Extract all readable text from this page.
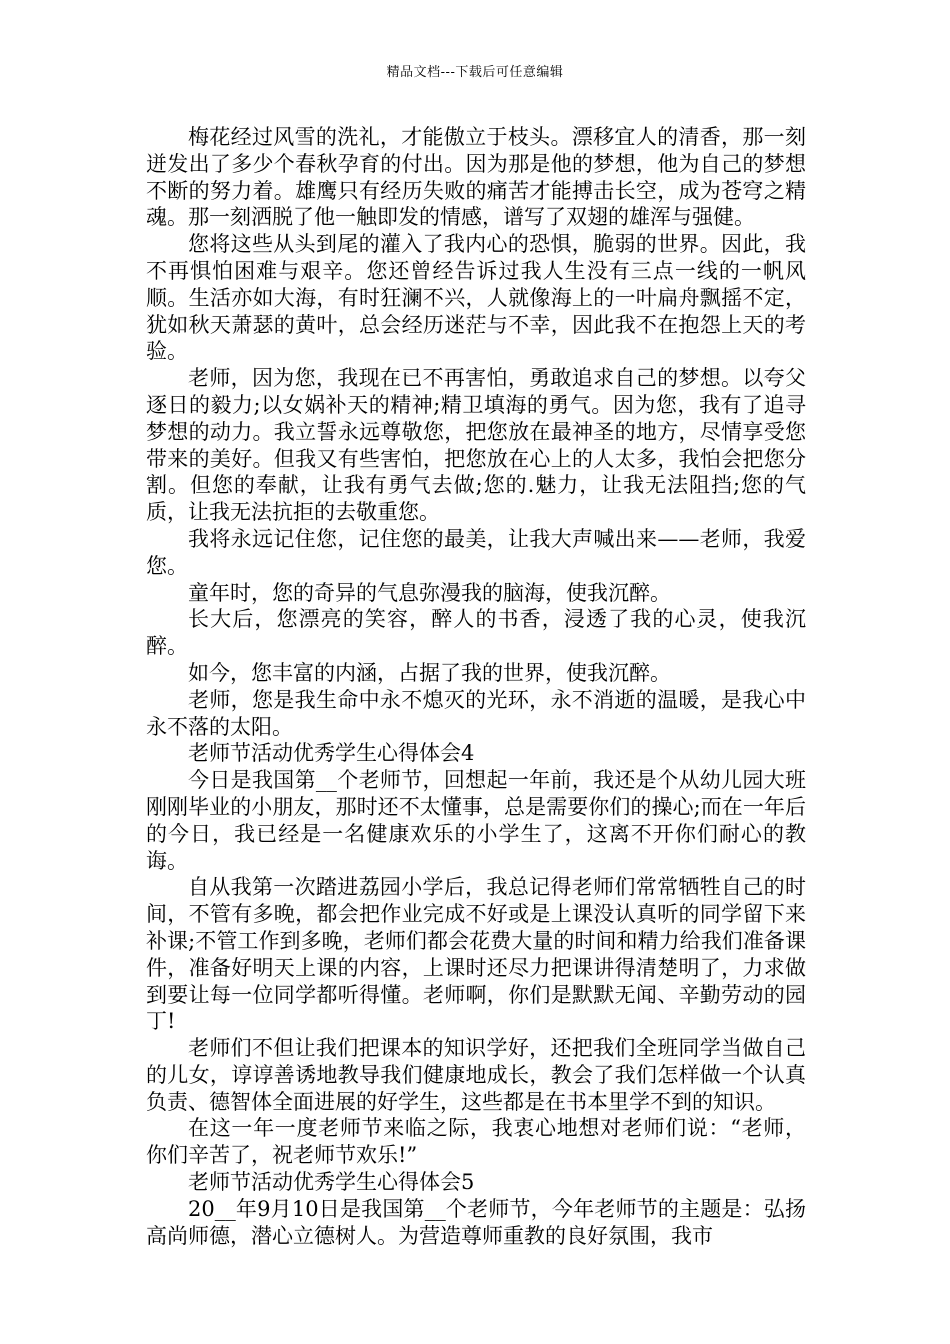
精品文档---下载后可任意编辑

梅花经过风雪的洗礼，才能傲立于枝头。漂移宜人的清香，那一刻迸发出了多少个春秋孕育的付出。因为那是他的梦想，他为自己的梦想不断的努力着。雄鹰只有经历失败的痛苦才能搏击长空，成为苍穹之精魂。那一刻洒脱了他一触即发的情感，谱写了双翅的雄浑与强健。

您将这些从头到尾的灌入了我内心的恐惧，脆弱的世界。因此，我不再惧怕困难与艰辛。您还曾经告诉过我人生没有三点一线的一帆风顺。生活亦如大海，有时狂澜不兴，人就像海上的一叶扁舟飘摇不定，犹如秋天萧瑟的黄叶，总会经历迷茫与不幸，因此我不在抱怨上天的考验。

老师，因为您，我现在已不再害怕，勇敢追求自己的梦想。以夸父逐日的毅力;以女娲补天的精神;精卫填海的勇气。因为您，我有了追寻梦想的动力。我立誓永远尊敬您，把您放在最神圣的地方，尽情享受您带来的美好。但我又有些害怕，把您放在心上的人太多，我怕会把您分割。但您的奉献，让我有勇气去做;您的.魅力，让我无法阻挡;您的气质，让我无法抗拒的去敬重您。

我将永远记住您，记住您的最美，让我大声喊出来——老师，我爱您。

童年时，您的奇异的气息弥漫我的脑海，使我沉醉。

长大后，您漂亮的笑容，醉人的书香，浸透了我的心灵，使我沉醉。

如今，您丰富的内涵，占据了我的世界，使我沉醉。

老师，您是我生命中永不熄灭的光环，永不消逝的温暖，是我心中永不落的太阳。

老师节活动优秀学生心得体会4

今日是我国第__个老师节，回想起一年前，我还是个从幼儿园大班刚刚毕业的小朋友，那时还不太懂事，总是需要你们的操心;而在一年后的今日，我已经是一名健康欢乐的小学生了，这离不开你们耐心的教诲。

自从我第一次踏进荔园小学后，我总记得老师们常常牺牲自己的时间，不管有多晚，都会把作业完成不好或是上课没认真听的同学留下来补课;不管工作到多晚，老师们都会花费大量的时间和精力给我们准备课件，准备好明天上课的内容，上课时还尽力把课讲得清楚明了，力求做到要让每一位同学都听得懂。老师啊，你们是默默无闻、辛勤劳动的园丁!

老师们不但让我们把课本的知识学好，还把我们全班同学当做自己的儿女，谆谆善诱地教导我们健康地成长，教会了我们怎样做一个认真负责、德智体全面进展的好学生，这些都是在书本里学不到的知识。

在这一年一度老师节来临之际，我衷心地想对老师们说：“老师，你们辛苦了，祝老师节欢乐!”

老师节活动优秀学生心得体会5

20__年9月10日是我国第__个老师节，今年老师节的主题是：弘扬高尚师德，潜心立德树人。为营造尊师重教的良好氛围，我市
